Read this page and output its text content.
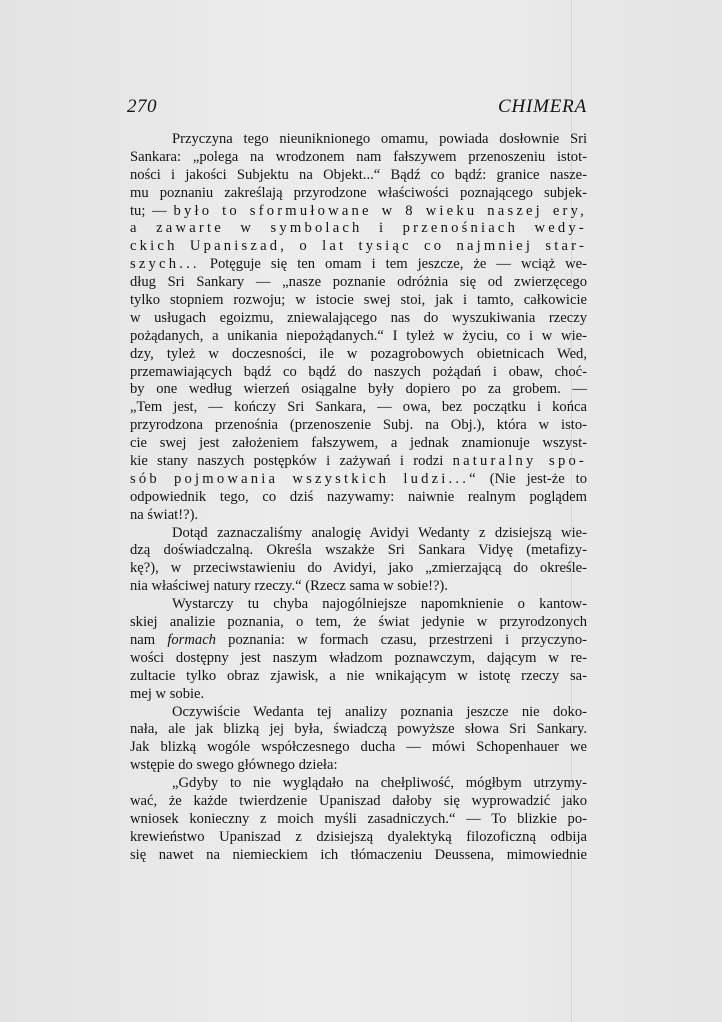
270	CHIMERA
Przyczyna tego nieuniknionego omamu, powiada dosłownie Sri
Sankara: „polega na wrodzonem nam fałszywem przenoszeniu istot-
ności i jakości Subjektu na Objekt...“ Bądź co bądź: granice nasze-
mu poznaniu zakreślają przyrodzone właściwości poznającego subjek-
tu; — było to sformułowane w 8 wieku naszej ery,
a zawarte w symbolach i przenośniach wedy-
ckich Upaniszad, o lat tysiąc co najmniej star-
szych... Potęguje się ten omam i tem jeszcze, że — wciąż we-
dług Sri Sankary — „nasze poznanie odróżnia się od zwierzęcego
tylko stopniem rozwoju; w istocie swej stoi, jak i tamto, całkowicie
w usługach egoizmu, zniewalającego nas do wyszukiwania rzeczy
pożądanych, a unikania niepożądanych.“ I tyleż w życiu, co i w wie-
dzy, tyleż w doczesności, ile w pozagrobowych obietnicach Wed,
przemawiających bądź co bądź do naszych pożądań i obaw, choć-
by one według wierzeń osiągalne były dopiero po za grobem. —
„Tem jest, — kończy Sri Sankara, — owa, bez początku i końca
przyrodzona przenośnia (przenoszenie Subj. na Obj.), która w isto-
cie swej jest założeniem fałszywem, a jednak znamionuje wszyst-
kie stany naszych postępków i zażywań i rodzi naturalny spo-
sób pojmowania wszystkich ludzi...“ (Nie jest-że to
odpowiednik tego, co dziś nazywamy: naiwnie realnym poglądem
na świat!?).
Dotąd zaznaczaliśmy analogię Avidyi Wedanty z dzisiejszą wie-
dzą doświadczalną. Określa wszakże Sri Sankara Vidyę (metafizy-
kę?), w przeciwstawieniu do Avidyi, jako „zmierzającą do określe-
nia właściwej natury rzeczy.“ (Rzecz sama w sobie!?).
Wystarczy tu chyba najogólniejsze napomknienie o kantow-
skiej analizie poznania, o tem, że świat jedynie w przyrodzonych
nam formach poznania: w formach czasu, przestrzeni i przyczyno-
wości dostępny jest naszym władzom poznawczym, dającym w re-
zultacie tylko obraz zjawisk, a nie wnikającym w istotę rzeczy sa-
mej w sobie.
Oczywiście Wedanta tej analizy poznania jeszcze nie doko-
nała, ale jak blizką jej była, świadczą powyższe słowa Sri Sankary.
Jak blizką wogóle współczesnego ducha — mówi Schopenhauer we
wstępie do swego głównego dzieła:
„Gdyby to nie wyglądało na chełpliwość, mógłbym utrzymy-
wać, że każde twierdzenie Upaniszad dałoby się wyprowadzić jako
wniosek konieczny z moich myśli zasadniczych.“ — To blizkie po-
krewieństwo Upaniszad z dzisiejszą dyalektyką filozoficzną odbija
się nawet na niemieckiem ich tłómaczeniu Deussena, mimowiednie
